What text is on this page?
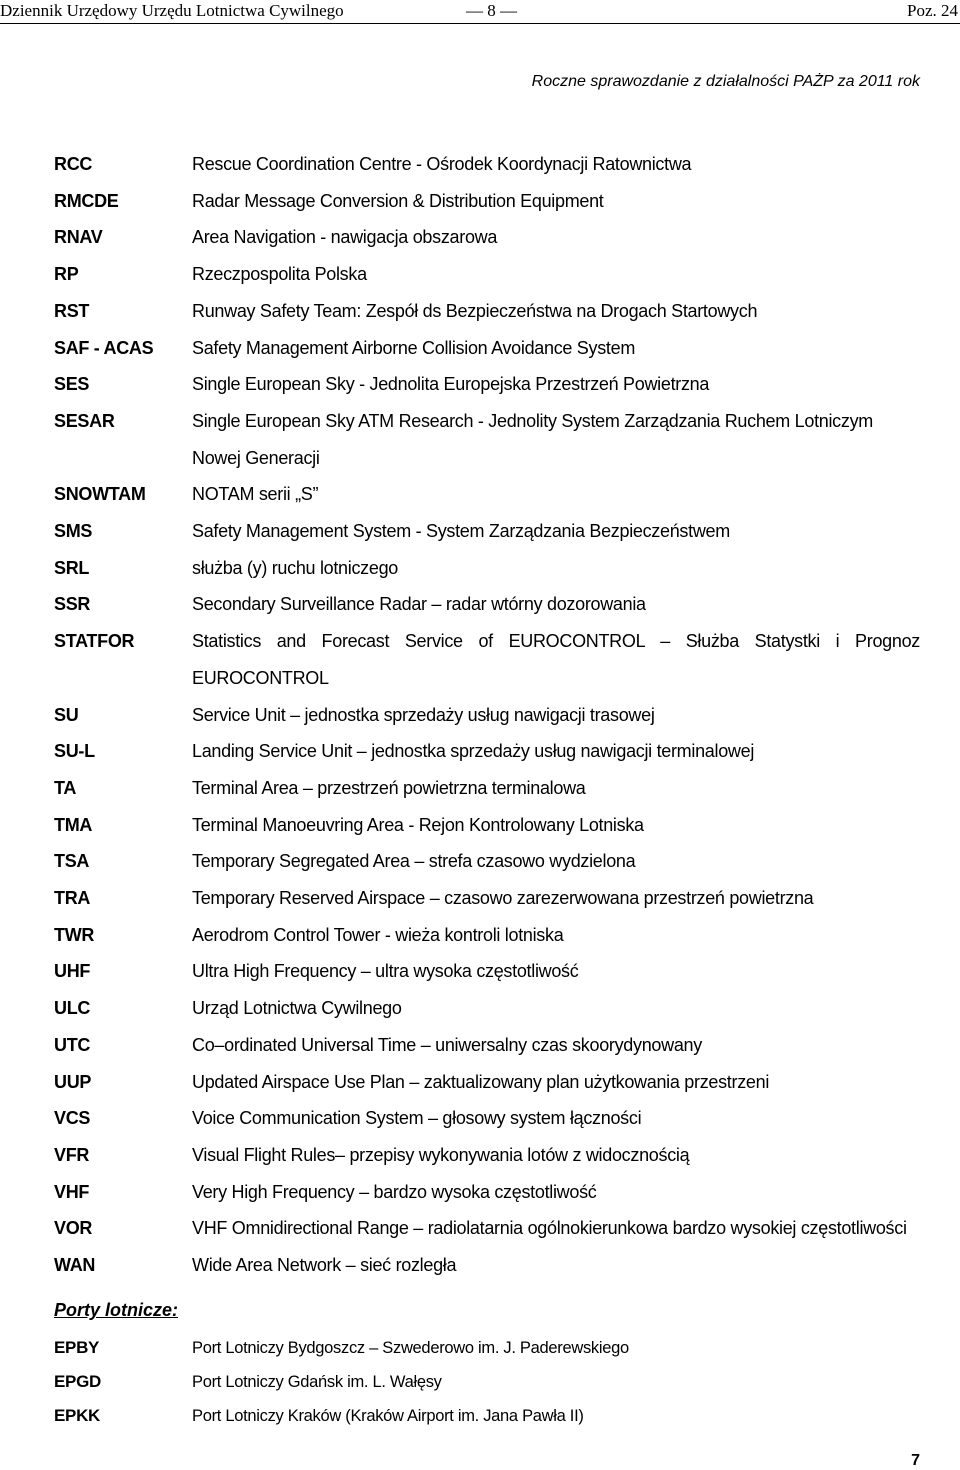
Dziennik Urzędowy Urzędu Lotnictwa Cywilnego	— 8 —	Poz. 24
Roczne sprawozdanie z działalności PAŻP za 2011 rok
RCC	Rescue Coordination Centre - Ośrodek Koordynacji Ratownictwa
RMCDE	Radar Message Conversion & Distribution Equipment
RNAV	Area Navigation - nawigacja obszarowa
RP	Rzeczpospolita Polska
RST	Runway Safety Team: Zespół ds Bezpieczeństwa na Drogach Startowych
SAF - ACAS	Safety Management Airborne Collision Avoidance System
SES	Single European Sky - Jednolita Europejska Przestrzeń Powietrzna
SESAR	Single European Sky ATM Research - Jednolity System Zarządzania Ruchem Lotniczym Nowej Generacji
SNOWTAM	NOTAM serii „S”
SMS	Safety Management System - System Zarządzania Bezpieczeństwem
SRL	służba (y) ruchu lotniczego
SSR	Secondary Surveillance Radar – radar wtórny dozorowania
STATFOR	Statistics and Forecast Service of EUROCONTROL – Służba Statystki i Prognoz EUROCONTROL
SU	Service Unit – jednostka sprzedaży usług nawigacji trasowej
SU-L	Landing Service Unit – jednostka sprzedaży usług nawigacji terminalowej
TA	Terminal Area – przestrzeń powietrzna terminalowa
TMA	Terminal Manoeuvring Area - Rejon Kontrolowany Lotniska
TSA	Temporary Segregated Area – strefa czasowo wydzielona
TRA	Temporary Reserved Airspace – czasowo zarezerwowana przestrzeń powietrzna
TWR	Aerodrom Control Tower - wieża kontroli lotniska
UHF	Ultra High Frequency – ultra wysoka częstotliwość
ULC	Urząd Lotnictwa Cywilnego
UTC	Co–ordinated Universal Time – uniwersalny czas skoorydynowany
UUP	Updated Airspace Use Plan – zaktualizowany plan użytkowania przestrzeni
VCS	Voice Communication System – głosowy system łączności
VFR	Visual Flight Rules– przepisy wykonywania lotów z widocznością
VHF	Very High Frequency – bardzo wysoka częstotliwość
VOR	VHF Omnidirectional Range – radiolatarnia ogólnokierunkowa bardzo wysokiej częstotliwości
WAN	Wide Area Network – sieć rozległa
Porty lotnicze:
EPBY	Port Lotniczy Bydgoszcz – Szwederowo im. J. Paderewskiego
EPGD	Port Lotniczy Gdańsk im. L. Wałęsy
EPKK	Port Lotniczy Kraków (Kraków Airport im. Jana Pawła II)
7
